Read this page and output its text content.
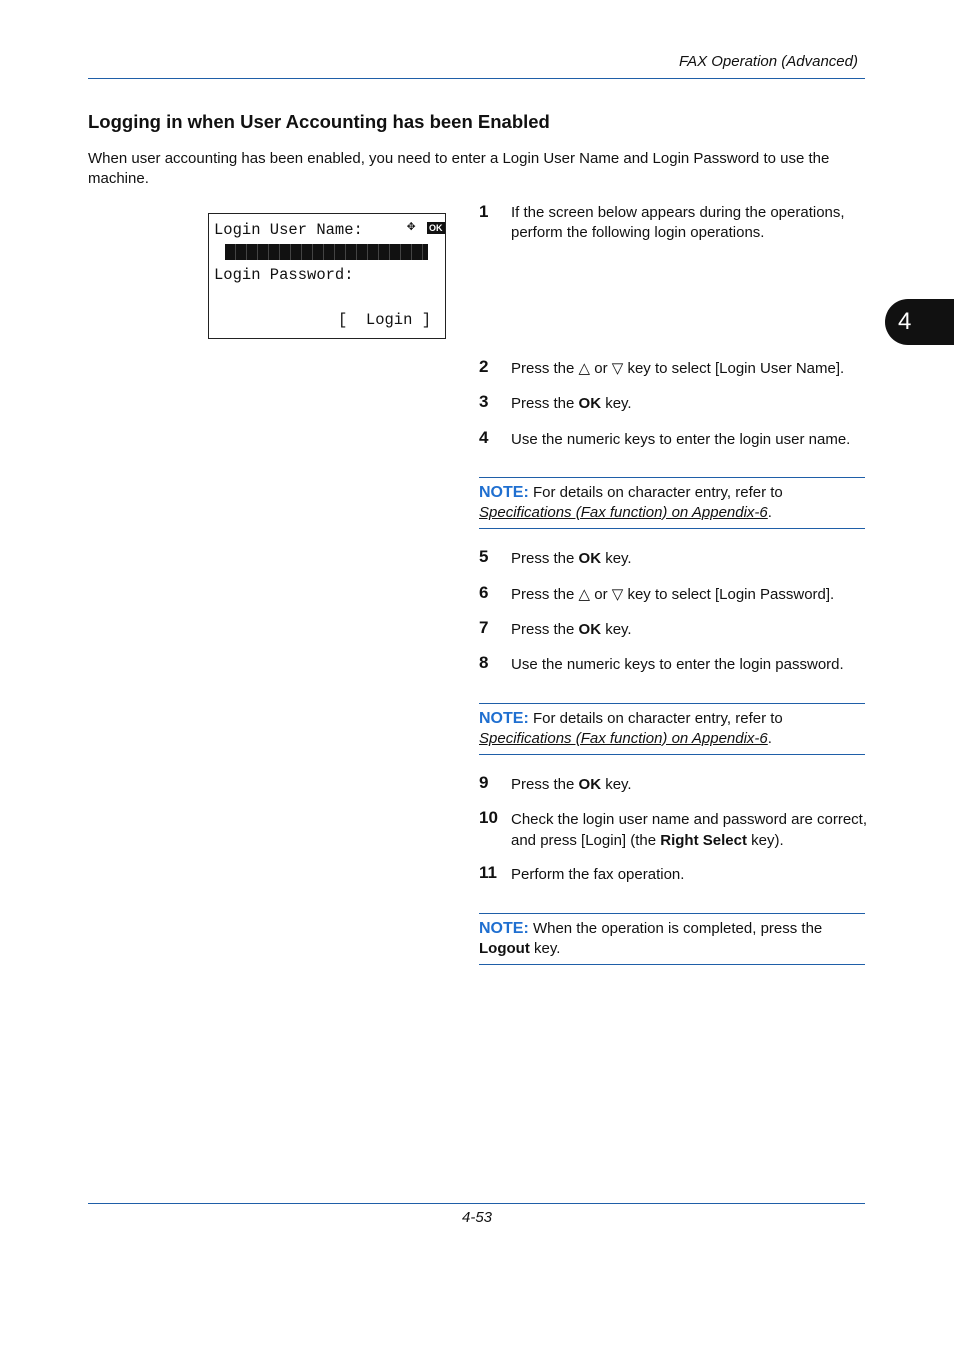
FAX Operation (Advanced)
Logging in when User Accounting has been Enabled
When user accounting has been enabled, you need to enter a Login User Name and Login Password to use the machine.
Login User Name:	✥ OK
Login Password:
[  Login ]	4
1 If the screen below appears during the operations, perform the following login operations.
2 Press the △ or ▽ key to select [Login User Name].
3 Press the OK key.
4 Use the numeric keys to enter the login user name.
NOTE: For details on character entry, refer to
Specifications (Fax function) on Appendix-6.
5 Press the OK key.
6 Press the △ or ▽ key to select [Login Password].
7 Press the OK key.
8 Use the numeric keys to enter the login password.
NOTE: For details on character entry, refer to
Specifications (Fax function) on Appendix-6.
9 Press the OK key.
10 Check the login user name and password are correct, and press [Login] (the Right Select key).
11 Perform the fax operation.
NOTE: When the operation is completed, press the
Logout key.
4-53
